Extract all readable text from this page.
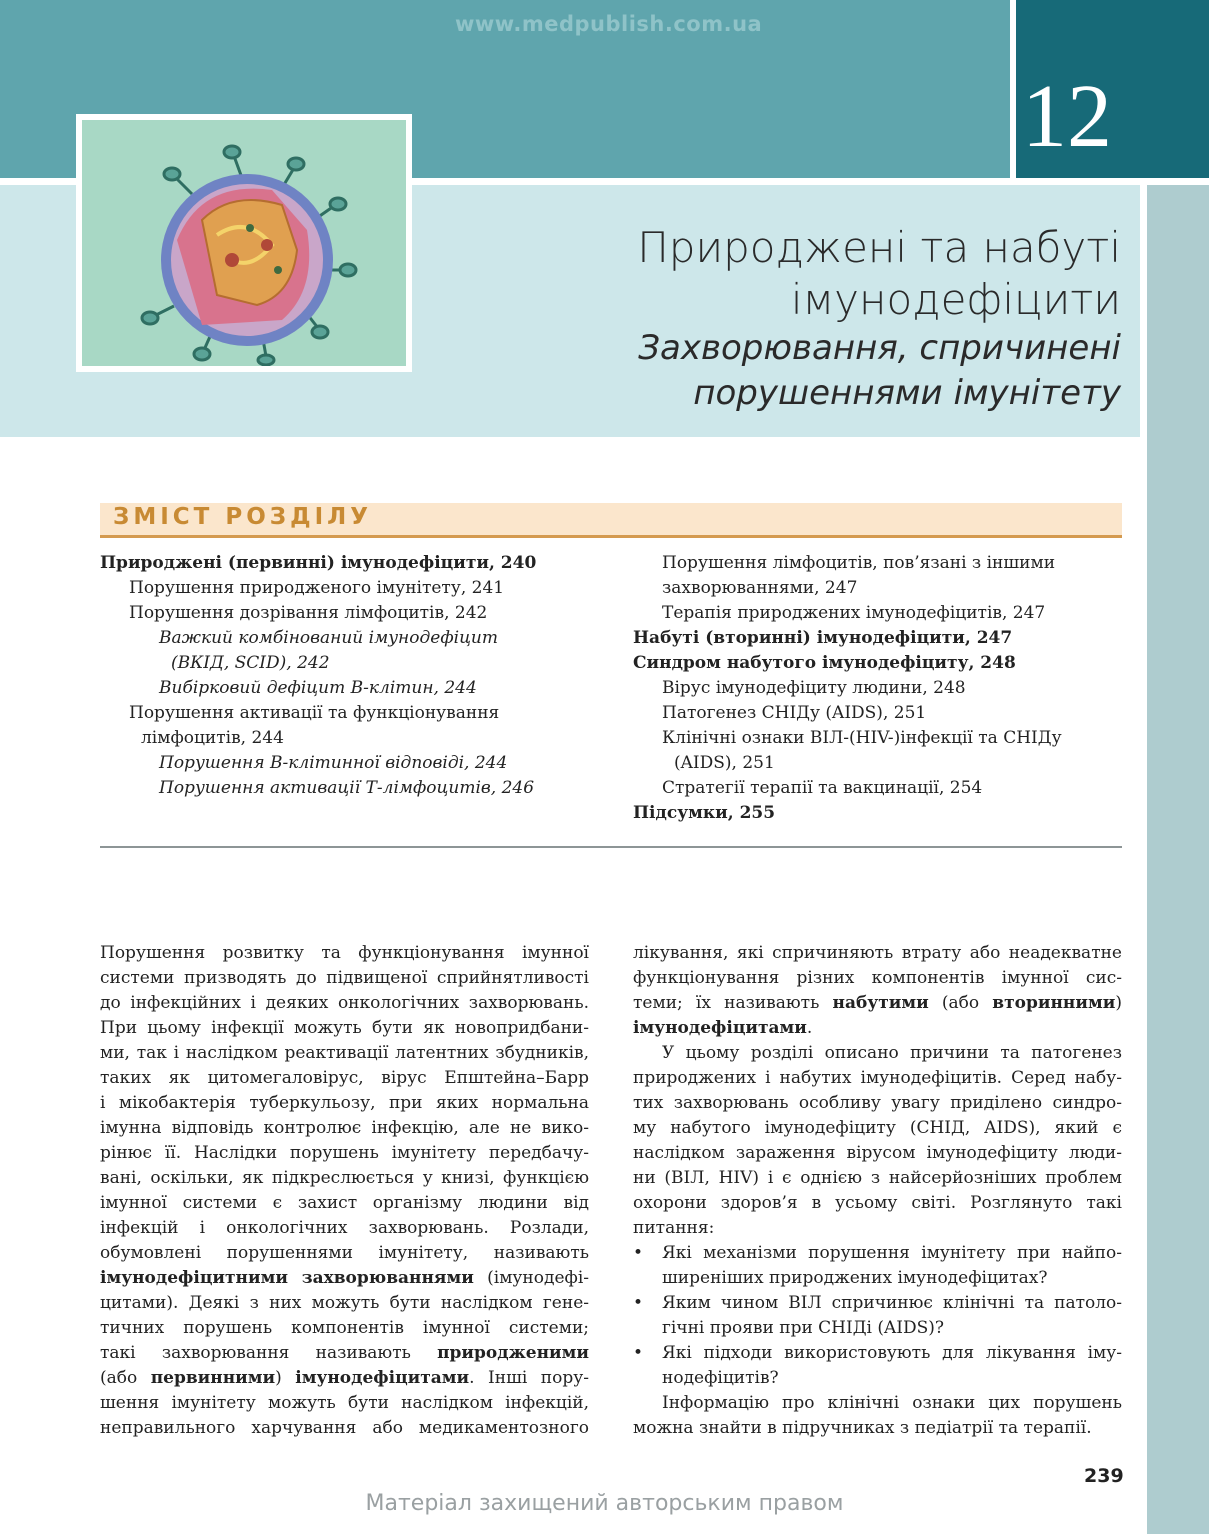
12
www.medpublish.com.ua
Природжені та набуті
імунодефіцити
Захворювання, спричинені
порушеннями імунітету
ЗМІСТ РОЗДІЛУ
Природжені (первинні) імунодефіцити, 240
Порушення природженого імунітету, 241
Порушення дозрівання лімфоцитів, 242
Важкий комбінований імунодефіцит
(ВКІД, SCID), 242
Вибірковий дефіцит В-клітин, 244
Порушення активації та функціонування
лімфоцитів, 244
Порушення В-клітинної відповіді, 244
Порушення активації Т-лімфоцитів, 246
Порушення лімфоцитів, пов’язані з іншими
захворюваннями, 247
Терапія природжених імунодефіцитів, 247
Набуті (вторинні) імунодефіцити, 247
Синдром набутого імунодефіциту, 248
Вірус імунодефіциту людини, 248
Патогенез СНІДу (AIDS), 251
Клінічні ознаки ВІЛ-(HIV-)інфекції та СНІДу
(AIDS), 251
Стратегії терапії та вакцинації, 254
Підсумки, 255
Порушення розвитку та функціонування імунної
системи призводять до підвищеної сприйнятливості
до інфекційних і деяких онкологічних захворювань.
При цьому інфекції можуть бути як новопридбани-
ми, так і наслідком реактивації латентних збудників,
таких як цитомегаловірус, вірус Епштейна–Барр
і мікобактерія туберкульозу, при яких нормальна
імунна відповідь контролює інфекцію, але не вико-
рінює її. Наслідки порушень імунітету передбачу-
вані, оскільки, як підкреслюється у книзі, функцією
імунної системи є захист організму людини від
інфекцій і онкологічних захворювань. Розлади,
обумовлені порушеннями імунітету, називають
імунодефіцитними захворюваннями (імунодефі-
цитами). Деякі з них можуть бути наслідком гене-
тичних порушень компонентів імунної системи;
такі захворювання називають природженими
(або первинними) імунодефіцитами. Інші пору-
шення імунітету можуть бути наслідком інфекцій,
неправильного харчування або медикаментозного
лікування, які спричиняють втрату або неадекватне
функціонування різних компонентів імунної сис-
теми; їх називають набутими (або вторинними)
імунодефіцитами.
У цьому розділі описано причини та патогенез
природжених і набутих імунодефіцитів. Серед набу-
тих захворювань особливу увагу приділено синдро-
му набутого імунодефіциту (СНІД, AIDS), який є
наслідком зараження вірусом імунодефіциту люди-
ни (ВІЛ, HIV) і є однією з найсерйозніших проблем
охорони здоров’я в усьому світі. Розглянуто такі
питання:
• Які механізми порушення імунітету при найпо-
ширеніших природжених імунодефіцитах?
• Яким чином ВІЛ спричинює клінічні та патоло-
гічні прояви при СНІДі (AIDS)?
• Які підходи використовують для лікування іму-
нодефіцитів?
Інформацію про клінічні ознаки цих порушень
можна знайти в підручниках з педіатрії та терапії.
239
Матеріал захищений авторським правом
